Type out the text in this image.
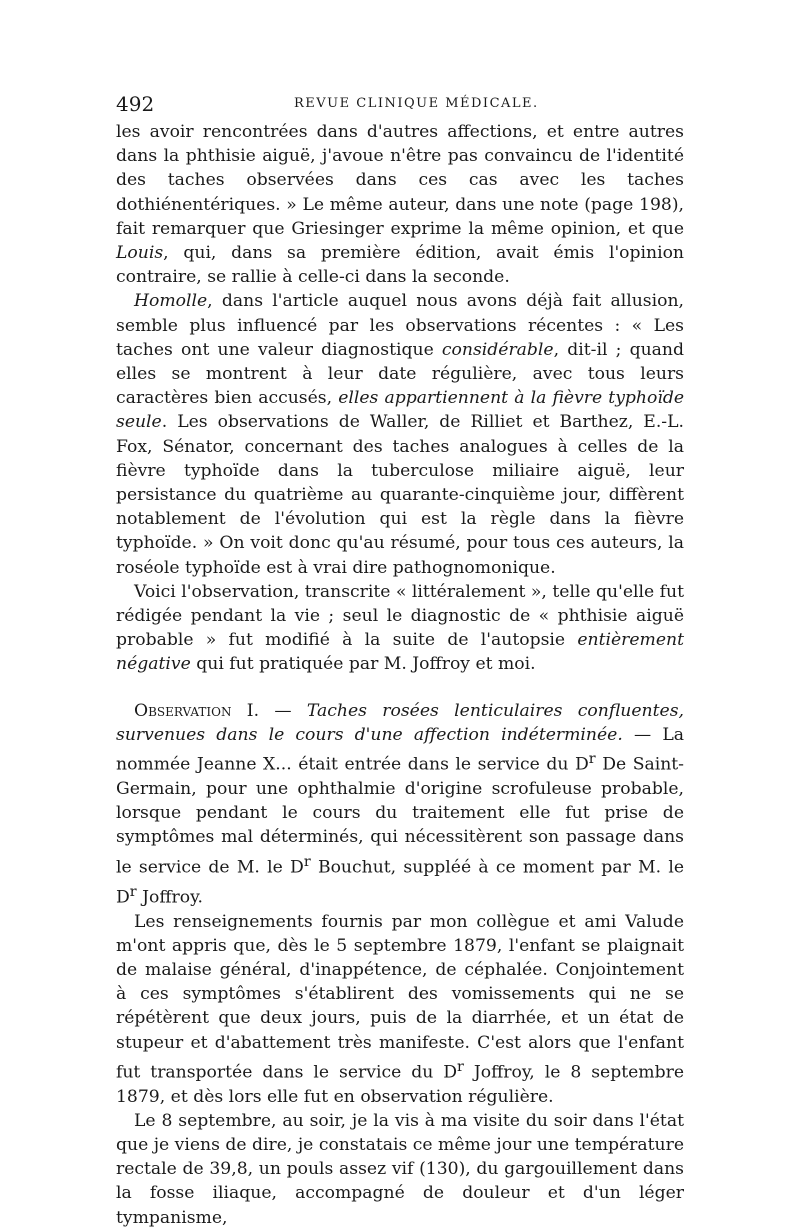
492	REVUE CLINIQUE MÉDICALE.

les avoir rencontrées dans d'autres affections, et entre autres dans la phthisie aiguë, j'avoue n'être pas convaincu de l'identité des taches observées dans ces cas avec les taches dothiénentériques. » Le même auteur, dans une note (page 198), fait remarquer que Griesinger exprime la même opinion, et que Louis, qui, dans sa première édition, avait émis l'opinion contraire, se rallie à celle-ci dans la seconde.

Homolle, dans l'article auquel nous avons déjà fait allusion, semble plus influencé par les observations récentes : « Les taches ont une valeur diagnostique considérable, dit-il ; quand elles se montrent à leur date régulière, avec tous leurs caractères bien accusés, elles appartiennent à la fièvre typhoïde seule. Les observations de Waller, de Rilliet et Barthez, E.-L. Fox, Sénator, concernant des taches analogues à celles de la fièvre typhoïde dans la tuberculose miliaire aiguë, leur persistance du quatrième au quarante-cinquième jour, diffèrent notablement de l'évolution qui est la règle dans la fièvre typhoïde. » On voit donc qu'au résumé, pour tous ces auteurs, la roséole typhoïde est à vrai dire pathognomonique.

Voici l'observation, transcrite « littéralement », telle qu'elle fut rédigée pendant la vie ; seul le diagnostic de « phthisie aiguë probable » fut modifié à la suite de l'autopsie entièrement négative qui fut pratiquée par M. Joffroy et moi.

Observation I. — Taches rosées lenticulaires confluentes, survenues dans le cours d'une affection indéterminée. — La nommée Jeanne X... était entrée dans le service du $D^r$ De Saint-Germain, pour une ophthalmie d'origine scrofuleuse probable, lorsque pendant le cours du traitement elle fut prise de symptômes mal déterminés, qui nécessitèrent son passage dans le service de M. le $D^r$ Bouchut, suppléé à ce moment par M. le $D^r$ Joffroy.

Les renseignements fournis par mon collègue et ami Valude m'ont appris que, dès le 5 septembre 1879, l'enfant se plaignait de malaise général, d'inappétence, de céphalée. Conjointement à ces symptômes s'établirent des vomissements qui ne se répétèrent que deux jours, puis de la diarrhée, et un état de stupeur et d'abattement très manifeste. C'est alors que l'enfant fut transportée dans le service du $D^r$ Joffroy, le 8 septembre 1879, et dès lors elle fut en observation régulière.

Le 8 septembre, au soir, je la vis à ma visite du soir dans l'état que je viens de dire, je constatais ce même jour une température rectale de 39,8, un pouls assez vif (130), du gargouillement dans la fosse iliaque, accompagné de douleur et d'un léger tympanisme,
